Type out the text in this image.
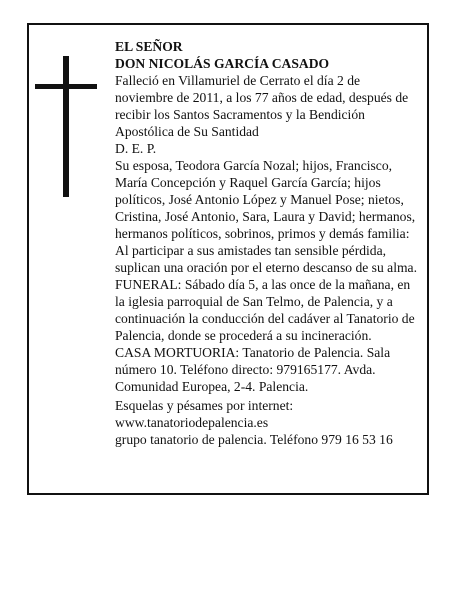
EL SEÑOR

DON NICOLÁS GARCÍA CASADO

Falleció en Villamuriel de Cerrato el día 2 de noviembre de 2011, a los 77 años de edad, después de recibir los Santos Sacramentos y la Bendición Apostólica de Su Santidad

D. E. P.

Su esposa, Teodora García Nozal; hijos, Francisco, María Concepción y Raquel García García; hijos políticos, José Antonio López y Manuel Pose; nietos, Cristina, José Antonio, Sara, Laura y David; hermanos, hermanos políticos, sobrinos, primos y demás familia:

Al participar a sus amistades tan sensible pérdida, suplican una oración por el eterno descanso de su alma.

FUNERAL: Sábado día 5, a las once de la mañana, en la iglesia parroquial de San Telmo, de Palencia, y a continuación la conducción del cadáver al Tanatorio de Palencia, donde se procederá a su incineración.

CASA MORTUORIA: Tanatorio de Palencia. Sala número 10. Teléfono directo: 979165177. Avda. Comunidad Europea, 2-4. Palencia.

Esquelas y pésames por internet:

www.tanatoriodepalencia.es

grupo tanatorio de palencia. Teléfono 979 16 53 16
